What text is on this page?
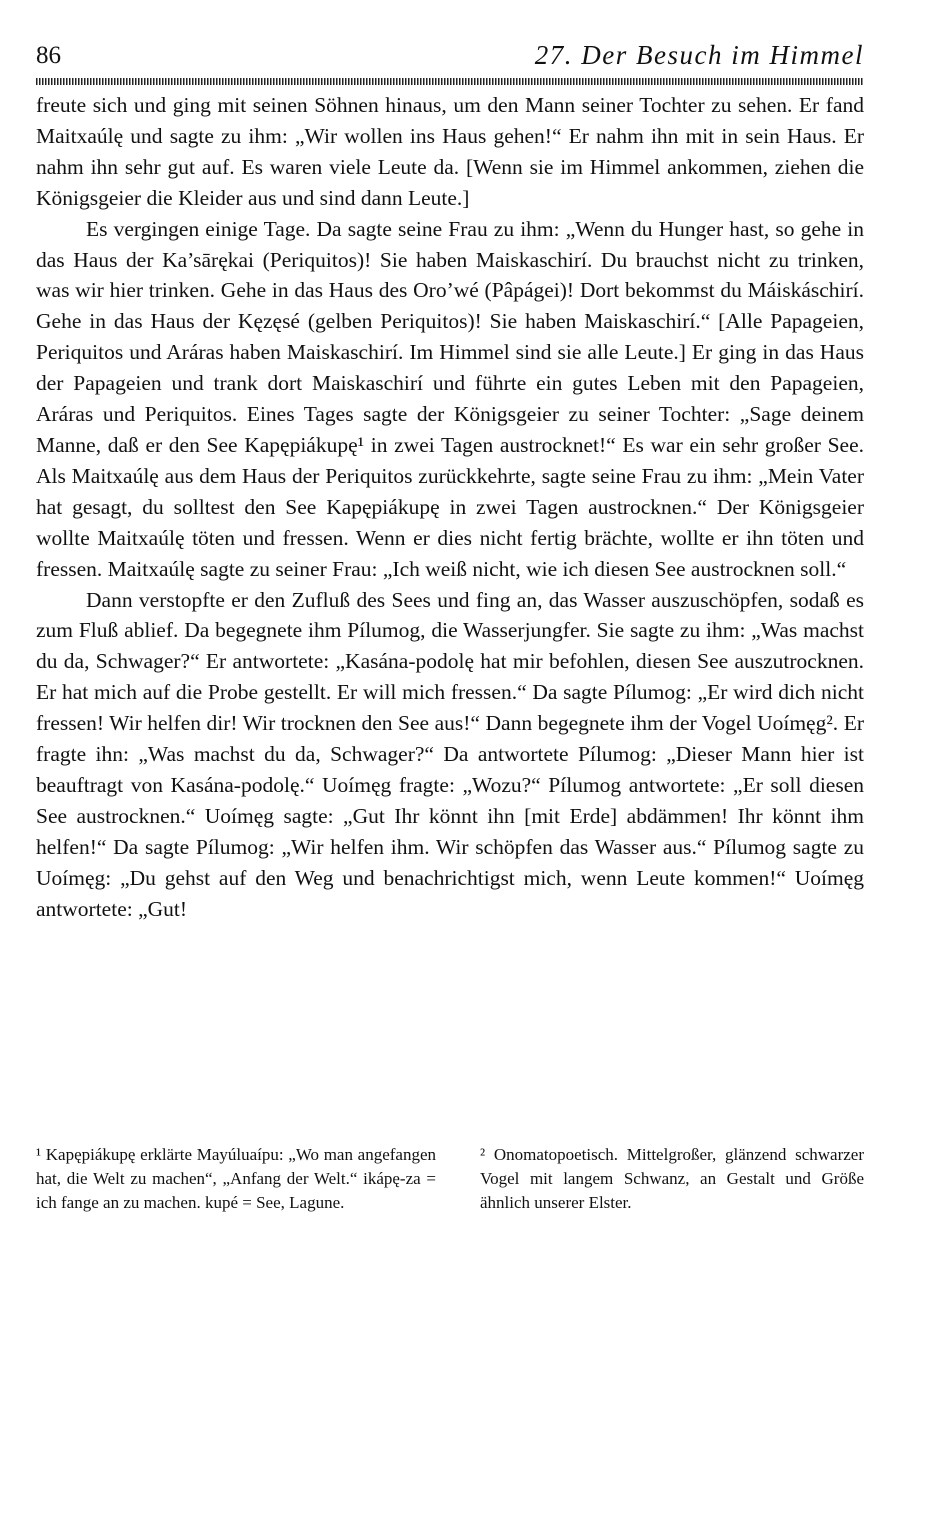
86	27. Der Besuch im Himmel

freute sich und ging mit seinen Söhnen hinaus, um den Mann seiner Tochter zu sehen. Er fand Maitxaúlę und sagte zu ihm: „Wir wollen ins Haus gehen!“ Er nahm ihn mit in sein Haus. Er nahm ihn sehr gut auf. Es waren viele Leute da. [Wenn sie im Himmel ankommen, ziehen die Königsgeier die Kleider aus und sind dann Leute.]

Es vergingen einige Tage. Da sagte seine Frau zu ihm: „Wenn du Hunger hast, so gehe in das Haus der Ka’sārękai (Periquitos)! Sie haben Maiskaschirí. Du brauchst nicht zu trinken, was wir hier trinken. Gehe in das Haus des Oro’wé (Pâpágei)! Dort bekommst du Máiskáschirí. Gehe in das Haus der Kęzęsé (gelben Periquitos)! Sie haben Maiskaschirí.“ [Alle Papageien, Periquitos und Aráras haben Maiskaschirí. Im Himmel sind sie alle Leute.] Er ging in das Haus der Papageien und trank dort Maiskaschirí und führte ein gutes Leben mit den Papageien, Aráras und Periquitos. Eines Tages sagte der Königsgeier zu seiner Tochter: „Sage deinem Manne, daß er den See Kapępiákupę¹ in zwei Tagen austrocknet!“ Es war ein sehr großer See. Als Maitxaúlę aus dem Haus der Periquitos zurückkehrte, sagte seine Frau zu ihm: „Mein Vater hat gesagt, du solltest den See Kapępiákupę in zwei Tagen austrocknen.“ Der Königsgeier wollte Maitxaúlę töten und fressen. Wenn er dies nicht fertig brächte, wollte er ihn töten und fressen. Maitxaúlę sagte zu seiner Frau: „Ich weiß nicht, wie ich diesen See austrocknen soll.“

Dann verstopfte er den Zufluß des Sees und fing an, das Wasser auszuschöpfen, sodaß es zum Fluß ablief. Da begegnete ihm Pílumog, die Wasserjungfer. Sie sagte zu ihm: „Was machst du da, Schwager?“ Er antwortete: „Kasána-podolę hat mir befohlen, diesen See auszutrocknen. Er hat mich auf die Probe gestellt. Er will mich fressen.“ Da sagte Pílumog: „Er wird dich nicht fressen! Wir helfen dir! Wir trocknen den See aus!“ Dann begegnete ihm der Vogel Uoímęg². Er fragte ihn: „Was machst du da, Schwager?“ Da antwortete Pílumog: „Dieser Mann hier ist beauftragt von Kasána-podolę.“ Uoímęg fragte: „Wozu?“ Pílumog antwortete: „Er soll diesen See austrocknen.“ Uoímęg sagte: „Gut Ihr könnt ihn [mit Erde] abdämmen! Ihr könnt ihm helfen!“ Da sagte Pílumog: „Wir helfen ihm. Wir schöpfen das Wasser aus.“ Pílumog sagte zu Uoímęg: „Du gehst auf den Weg und benachrichtigst mich, wenn Leute kommen!“ Uoímęg antwortete: „Gut!

¹ Kapępiákupę erklärte Mayúluaípu: „Wo man angefangen hat, die Welt zu machen“, „Anfang der Welt.“ ikápę-za = ich fange an zu machen. kupé = See, Lagune.

² Onomatopoetisch. Mittelgroßer, glänzend schwarzer Vogel mit langem Schwanz, an Gestalt und Größe ähnlich unserer Elster.
